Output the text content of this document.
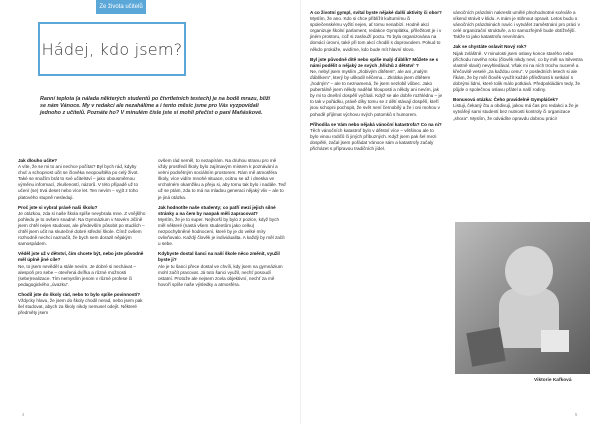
Ze života učitelů
Hádej, kdo jsem?
Ranní teplota (a nálada některých studentů po čtvrtletních testech) je na bodě mrazu, blíží se nám Vánoce. My v redakci ale nezahálíme a i tento měsíc jsme pro Vás vyzpovídali jednoho z učitelů. Poznáte ho? V minulém čísle jste si mohli přečíst o paní Maňáskové.
Jak dlouho učíte?
A víte, že se mi to ani nechce počítat? Byl bych rád, kdyby chuť a schopnost učit se člověka neopouštěla po celý život. Také se snažím brát to své učitelství – jako obousměrnou výměnu informací, zkušeností, názorů. V této případě už to učení (se) trvá deset nebo více let. Ten nevím – vyjít z toho platového stupně nesleduji.
Proč jste si vybral právě naši školu?
Je otázkou, zda si naše škola spíše nevybrala mne. Z vnějšího pohledu je to ovšem snadné: Na Gymnázium v Novém Jičíně jsem chtěl nejen studovat, ale především působit po studiích – chtěl jsem učit na skutečné dobré střední škole. Čímž ovšem rozhodně nechci naznačit, že bych sem dorazil nějakým samospádem.
Věděl jste už v dětství, čím chcete být, nebo jste původně měl úplně jiné cíle?
Ne, to jsem nevěděl a stále nevím. Je dobré si nechávat – alespoň pro sebe – otevřená dvířka a různé možnosti (sebe)realizace. Tím nemyslím jenom v různé profese či pedagogického „úvazku“.
Chodil jste do školy rád, nebo to bylo spíše povinností?
Vždycky hlavu, že jsem do školy chodil nerad, nebo jsem pak šel studovat, abych za školy nikdy nemusel odejít. Některé předměty jsem
ovšem rád neměl, to nezapírám. Na druhou stranu pro mě vždy prostředí školy bylo zajímavým místem k poznávání a velmi podnětným sociálním prostorem. Rám mě atmosféra školy, více vidím mnohé situace, ocitnu se až i dneska ve vrcholném okamžiku a přeju si, aby tomu tak bylo i nadále. Teď už se ptám, zda to má na mladou generaci nějaký vliv – ale to je jiná otázka.
Jak hodnotíte naše studenty; co patří mezi jejich silné stránky a na čem by naopak měli zapracovat?
Myslím, že je to super. Nejhorší by bylo z pozice, když bych měl některé (nastá všem studentům jako celku) nezpochybněné hodnocení, které by je do velké míry ovlivňovalo. Každý člověk je individualita. A každý by měl začít u sebe.
Kdybyste dostal šanci na naší škole něco změnit, využil byste ji?
Ale je tu šanci přece dostal ve chvíli, kdy jsem na gymnázium mohl začít pracovat. Já tuto šanci využil, nechť posoudí ostatní. Protože ale nejsem zcela objektivní, nechť za mě hovoří spíše naše výsledky a atmosféra.
4	5
A co životní gympl, svítal byste nějaké další aktivity či obor?
Myslím, že ano. Kdo si chce přiblížit kulturnímu či společenskému vyžití nejen, ať tomu nenabízí. Hodně akcí organizuje školní parlament, redakce Gymplátku, příležitost je i v jiném prostoru, což si zaslouží poctu. To byla organizována na domácí úrovni, také při tom akcí chodili s doprovodem. Pokud to někdo prokáže, uvidíme, kdo bude mít hlavní slovo.
Byl jste původně dítě nebo spíše malý ďáblík? Můžete se s námi podělit o nějaký ze svých ‚hříchů z dětství‘ ?
Ne, nebyl jsem myslím „zlobivým dítětem“, ale ani „malým ďáblíkem“, který by uškodil něčemu... Zkrátka jsem dítětem „hodným“ – ale to neznamená, že jsem nezlobil vůbec. Jako pubertálně jsem někdy nadělal hlouposti a někdy ani nevím, jak by mi to dnešní dospělí vyčítali. Když se ale dobře rozhlédnu – je to tak v pořádku, právě díky tomu se z dětí stávají dospělí, kteří jsou schopni pochopit, že svět není černobílý a že i oni mohou v pohodě přijímat výchovu svých potomků s humorem.
Přihodila se Vám nebo nějaká vánoční katastrofa? Co na ni?
Těch vánočních katastrof bylo v dětství více – většinou ale to bylo vinou rodičů či jiných příbuzných. Když jsem pak šel mezi dospělé, začal jsem pořádat Vánoce sám a katastrofy začaly přicházet s přípravou tradičních jídel.
vánočních prázdnin nakreslit umělé plnohodnotné scénáře a víkend strávit v klidu. A mám je stihnout opravit. Letos budu o vánočních prázdninách navíc i vytvářet zaměstnání pro práci v celé organizační struktuře, a to samozřejmě bude obtížnější. Takže to jako katastrofu nevnímám.
Jak se chystáte oslavit Nový rok?
Nijak zvláštně. V minulosti jsem oslavy konce starého nebo příchodu nového roku (člověk nikdy neví, co by měl na Silvestra vlastně slavit) nevyhledával. Však mi na ních trochu nuceně a křečovitě veselé „za každou cenu“. V posledních letech si ale říkám, že by měl člověk využít každé příležitosti k setkání s dobrými lidmi, které tolik málo potkává. Předpokládám tedy, že půjde o společnou oslavu přátel a naší rodiny.
Bonusová otázka: Čeho pravidelně Gympláček?
Listuji, čekaný čtu a obdivuji, jakou má čas pro redakci a že je vytvářejí sami studenti bez nutnosti kontroly či organizace „shora“. Myslím, že odvádíte opravdu dobrou práci!
Viktorie Kafková
